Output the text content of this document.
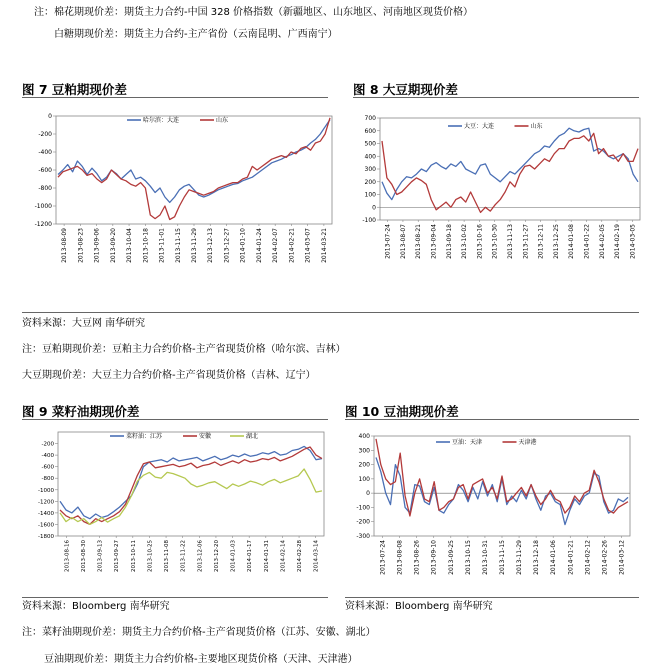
注：棉花期现价差：期货主力合约-中国 328 价格指数（新疆地区、山东地区、河南地区现货价格）
白糖期现价差：期货主力合约-主产省份（云南昆明、广西南宁）
图 7 豆粕期现价差	图 8 大豆期现价差
0
-200
-400
-600
-800
-1000
-1200
2013-08-09 2013-08-23 2013-09-06 2013-09-20 2013-10-04 2013-10-18 2013-11-01 2013-11-15 2013-11-29 2013-12-13 2013-12-27 2014-01-10 2014-01-24 2014-02-07 2014-02-21 2014-03-07 2014-03-21
哈尔滨：大连	山东	700
600
500
400
300
200
100
0
-100
2013-07-24 2013-08-07 2013-08-21 2013-09-04 2013-09-18 2013-10-02 2013-10-16 2013-10-30 2013-11-13 2013-11-27 2013-12-11 2013-12-25 2014-01-08 2014-01-22 2014-02-05 2014-02-19 2014-03-05
大豆：大连	山东
资料来源：大豆网 南华研究
注：豆粕期现价差：豆粕主力合约价格-主产省现货价格（哈尔滨、吉林）
大豆期现价差：大豆主力合约价格-主产省现货价格（吉林、辽宁）
图 9 菜籽油期现价差	图 10 豆油期现价差
-200
-400
-600
-800
-1000
-1200
-1400
-1600
-1800
2013-08-16 2013-08-30 2013-09-13 2013-09-27 2013-10-11 2013-10-25 2013-11-08 2013-11-22 2013-12-06 2013-12-20 2014-01-03 2014-01-17 2014-01-31 2014-02-14 2014-02-28 2014-03-14
菜籽油：江苏	安徽	湖北	400
300
200
100
0
-100
-200
-300
2013-07-24 2013-08-08 2013-08-26 2013-09-10 2013-09-25 2013-10-15 2013-10-31 2013-11-15 2013-11-29 2013-12-18 2014-01-06 2014-01-21 2014-02-12 2014-02-26 2014-03-12
豆油：天津	天津港
资料来源：Bloomberg 南华研究	资料来源：Bloomberg 南华研究
注：菜籽油期现价差：期货主力合约价格-主产省现货价格（江苏、安徽、湖北）
豆油期现价差：期货主力合约价格-主要地区现货价格（天津、天津港）
